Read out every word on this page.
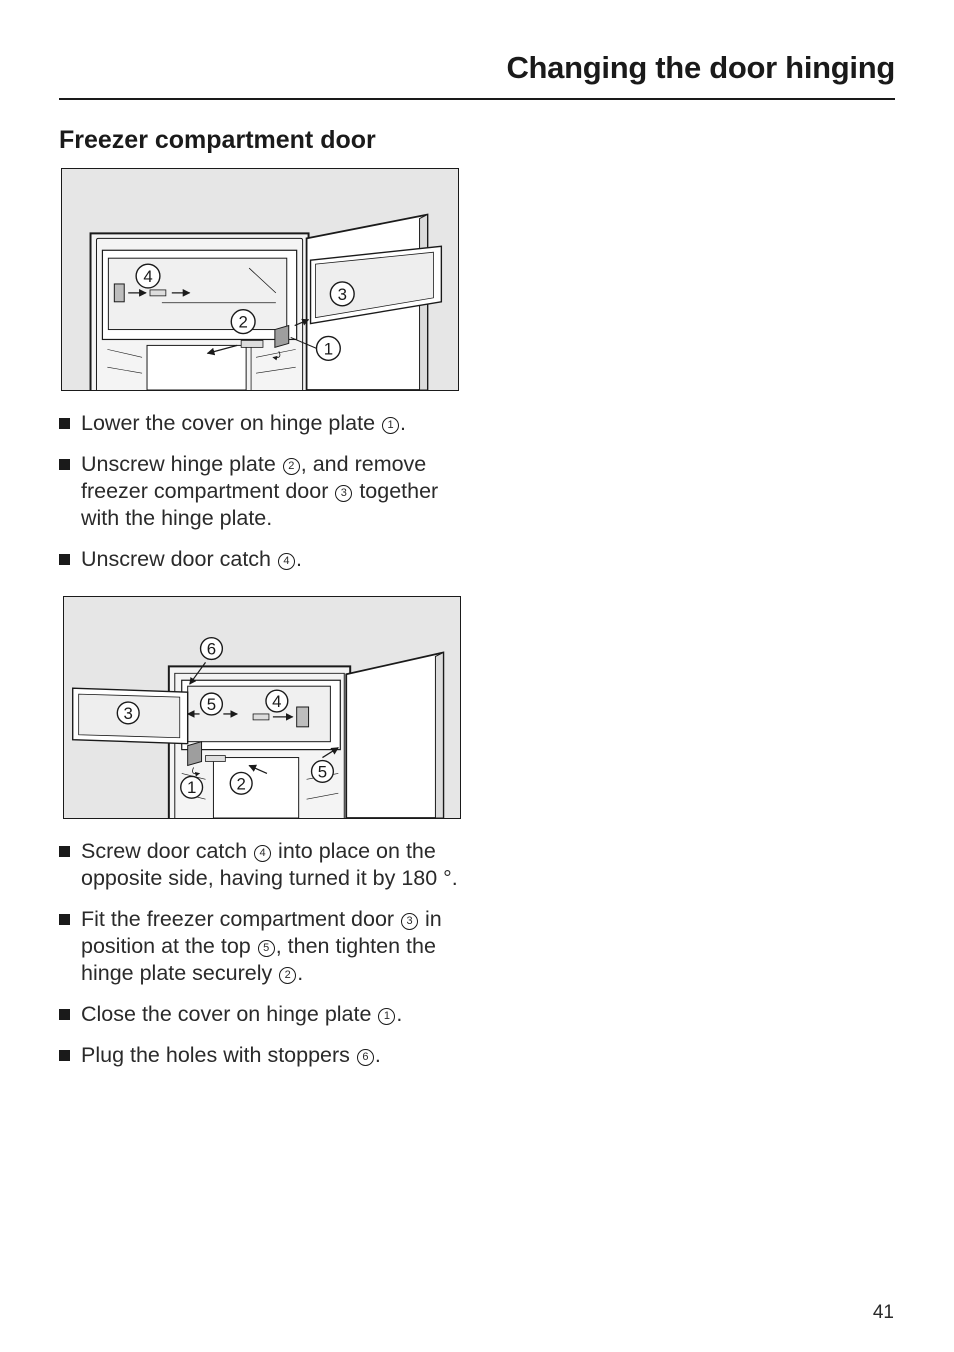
Changing the door hinging
Freezer compartment door
4
2
3
1
Lower the cover on hinge plate 1 .
Unscrew hinge plate 2 , and remove freezer compartment door 3 together with the hinge plate.
Unscrew door catch 4 .
6
3	5	4
5
2
1
Screw door catch 4 into place on the opposite side, having turned it by 180 °.
Fit the freezer compartment door 3 in position at the top 5 , then tighten the hinge plate securely 2 .
Close the cover on hinge plate 1 .
Plug the holes with stoppers 6 .
41
